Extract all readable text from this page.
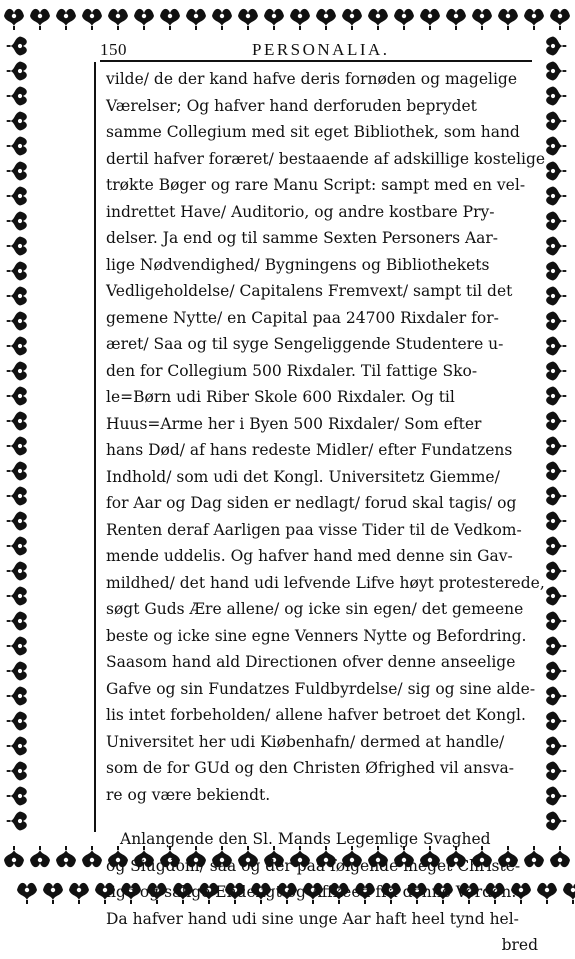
150	PERSONALIA.
vilde/ de der kand hafve deris fornøden og magelige
Værelser; Og hafver hand derforuden beprydet
samme Collegium med sit eget Bibliothek, som hand
dertil hafver foræret/ bestaaende af adskillige kostelige
trøkte Bøger og rare Manu Script: sampt med en vel-
indrettet Have/ Auditorio, og andre kostbare Pry-
delser. Ja end og til samme Sexten Personers Aar-
lige Nødvendighed/ Bygningens og Bibliothekets
Vedligeholdelse/ Capitalens Fremvext/ sampt til det
gemene Nytte/ en Capital paa 24700 Rixdaler for-
æret/ Saa og til syge Sengeliggende Studentere u-
den for Collegium 500 Rixdaler. Til fattige Sko-
le=Børn udi Riber Skole 600 Rixdaler. Og til
Huus=Arme her i Byen 500 Rixdaler/ Som efter
hans Død/ af hans redeste Midler/ efter Fundatzens
Indhold/ som udi det Kongl. Universitetz Giemme/
for Aar og Dag siden er nedlagt/ forud skal tagis/ og
Renten deraf Aarligen paa visse Tider til de Vedkom-
mende uddelis. Og hafver hand med denne sin Gav-
mildhed/ det hand udi lefvende Lifve høyt protesterede,
søgt Guds Ære allene/ og icke sin egen/ det gemeene
beste og icke sine egne Venners Nytte og Befordring.
Saasom hand ald Directionen ofver denne anseelige
Gafve og sin Fundatzes Fuldbyrdelse/ sig og sine alde-
lis intet forbeholden/ allene hafver betroet det Kongl.
Universitet her udi Kiøbenhafn/ dermed at handle/
som de for GUd og den Christen Øfrighed vil ansva-
re og være bekiendt.
Anlangende den Sl. Mands Legemlige Svaghed
og Siugdom/ saa og der paa følgende meget Christe-
lige og salige Endeligt og Affkeed fra denne Verden:
Da hafver hand udi sine unge Aar haft heel tynd hel-
bred
